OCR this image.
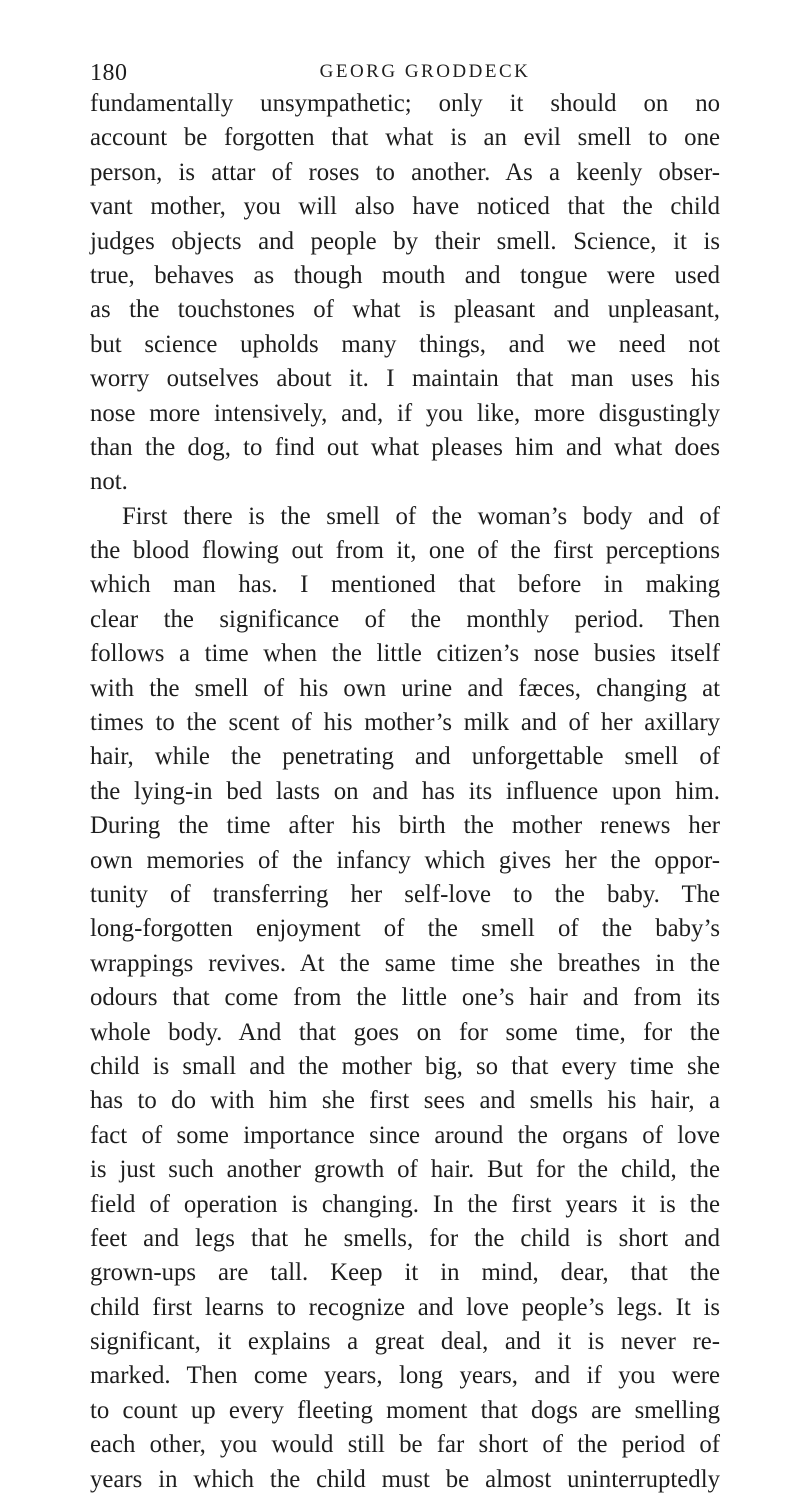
180	GEORG GRODDECK
fundamentally unsympathetic; only it should on no
account be forgotten that what is an evil smell to one
person, is attar of roses to another. As a keenly obser-
vant mother, you will also have noticed that the child
judges objects and people by their smell. Science, it is
true, behaves as though mouth and tongue were used
as the touchstones of what is pleasant and unpleasant,
but science upholds many things, and we need not
worry outselves about it. I maintain that man uses his
nose more intensively, and, if you like, more disgustingly
than the dog, to find out what pleases him and what does
not.
First there is the smell of the woman’s body and of
the blood flowing out from it, one of the first perceptions
which man has. I mentioned that before in making
clear the significance of the monthly period. Then
follows a time when the little citizen’s nose busies itself
with the smell of his own urine and fæces, changing at
times to the scent of his mother’s milk and of her axillary
hair, while the penetrating and unforgettable smell of
the lying-in bed lasts on and has its influence upon him.
During the time after his birth the mother renews her
own memories of the infancy which gives her the oppor-
tunity of transferring her self-love to the baby. The
long-forgotten enjoyment of the smell of the baby’s
wrappings revives. At the same time she breathes in the
odours that come from the little one’s hair and from its
whole body. And that goes on for some time, for the
child is small and the mother big, so that every time she
has to do with him she first sees and smells his hair, a
fact of some importance since around the organs of love
is just such another growth of hair. But for the child, the
field of operation is changing. In the first years it is the
feet and legs that he smells, for the child is short and
grown-ups are tall. Keep it in mind, dear, that the
child first learns to recognize and love people’s legs. It is
significant, it explains a great deal, and it is never re-
marked. Then come years, long years, and if you were
to count up every fleeting moment that dogs are smelling
each other, you would still be far short of the period of
years in which the child must be almost uninterruptedly
